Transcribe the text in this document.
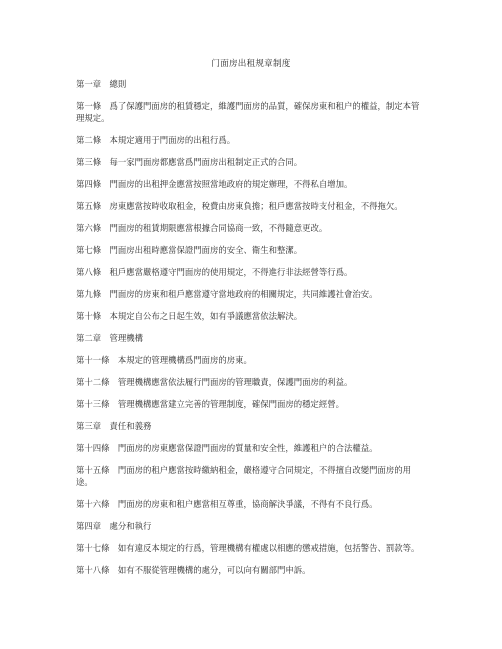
门面房出租规章制度

第一章　總則

第一條　爲了保護門面房的租賃穩定，維護門面房的品質，確保房東和租户的權益，制定本管理規定。

第二條　本規定適用于門面房的出租行爲。

第三條　每一家門面房都應當爲門面房出租制定正式的合同。

第四條　門面房的出租押金應當按照當地政府的規定辦理，不得私自增加。

第五條　房東應當按時收取租金，稅費由房東負擔；租戶應當按時支付租金，不得拖欠。

第六條　門面房的租賃期限應當根據合同協商一致，不得隨意更改。

第七條　門面房出租時應當保證門面房的安全、衛生和整潔。

第八條　租戶應當嚴格遵守門面房的使用規定，不得進行非法經營等行爲。

第九條　門面房的房東和租戶應當遵守當地政府的相關規定，共同維護社會治安。

第十條　本規定自公布之日起生效，如有爭議應當依法解決。

第二章　管理機構

第十一條　本規定的管理機構爲門面房的房東。

第十二條　管理機構應當依法履行門面房的管理職責，保護門面房的利益。

第十三條　管理機構應當建立完善的管理制度，確保門面房的穩定經營。

第三章　責任和義務

第十四條　門面房的房東應當保證門面房的質量和安全性，維護租户的合法權益。

第十五條　門面房的租户應當按時繳納租金，嚴格遵守合同規定，不得擅自改變門面房的用途。

第十六條　門面房的房東和租户應當相互尊重，協商解決爭議，不得有不良行爲。

第四章　處分和執行

第十七條　如有違反本規定的行爲，管理機構有權處以相應的懲戒措施，包括警告、罰款等。

第十八條　如有不服從管理機構的處分，可以向有關部門申訴。
